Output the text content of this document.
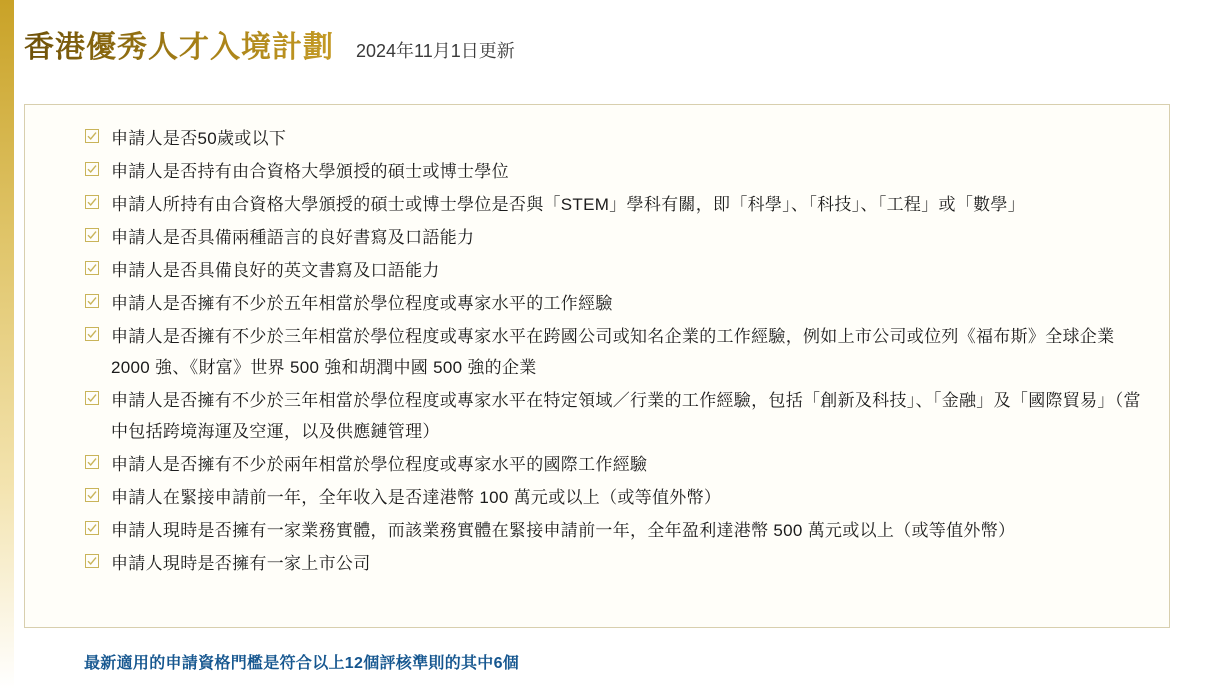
香港優秀人才入境計劃 2024年11月1日更新
申請人是否50歲或以下
申請人是否持有由合資格大學頒授的碩士或博士學位
申請人所持有由合資格大學頒授的碩士或博士學位是否與「STEM」學科有關，即「科學」、「科技」、「工程」或「數學」
申請人是否具備兩種語言的良好書寫及口語能力
申請人是否具備良好的英文書寫及口語能力
申請人是否擁有不少於五年相當於學位程度或專家水平的工作經驗
申請人是否擁有不少於三年相當於學位程度或專家水平在跨國公司或知名企業的工作經驗，例如上市公司或位列《福布斯》全球企業 2000 強、《財富》世界 500 強和胡潤中國 500 強的企業
申請人是否擁有不少於三年相當於學位程度或專家水平在特定領域／行業的工作經驗，包括「創新及科技」、「金融」及「國際貿易」（當中包括跨境海運及空運，以及供應鏈管理）
申請人是否擁有不少於兩年相當於學位程度或專家水平的國際工作經驗
申請人在緊接申請前一年，全年收入是否達港幣 100 萬元或以上（或等值外幣）
申請人現時是否擁有一家業務實體，而該業務實體在緊接申請前一年，全年盈利達港幣 500 萬元或以上（或等值外幣）
申請人現時是否擁有一家上市公司
最新適用的申請資格門檻是符合以上12個評核準則的其中6個
